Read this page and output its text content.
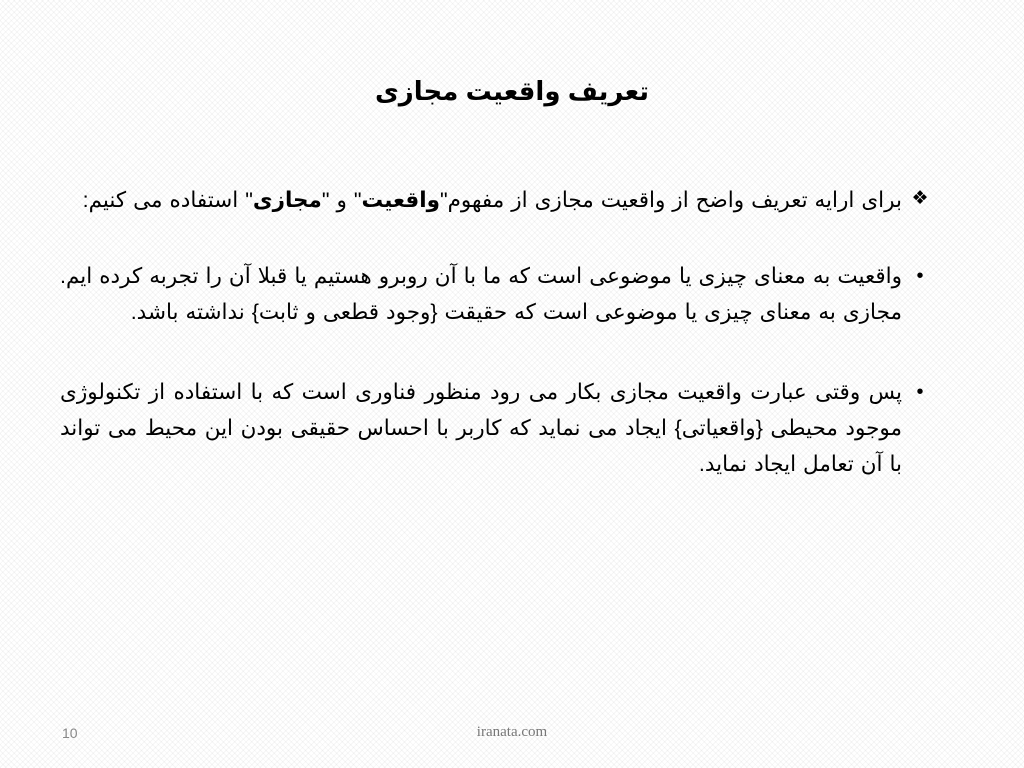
تعریف واقعیت مجازی

❖
برای ارایه تعریف واضح از واقعیت مجازی از مفهوم"واقعیت" و "مجازی" استفاده می کنیم:

•
واقعیت به معنای چیزی یا موضوعی است که ما با آن روبرو هستیم یا قبلا آن را تجربه کرده ایم. مجازی به معنای چیزی یا موضوعی است که حقیقت {وجود قطعی و ثابت} نداشته باشد.

•
پس وقتی عبارت واقعیت مجازی بکار می رود منظور فناوری است که با استفاده از تکنولوژی موجود محیطی {واقعیاتی} ایجاد می نماید که کاربر با احساس حقیقی بودن این محیط می تواند با آن تعامل ایجاد نماید.

10	iranata.com
